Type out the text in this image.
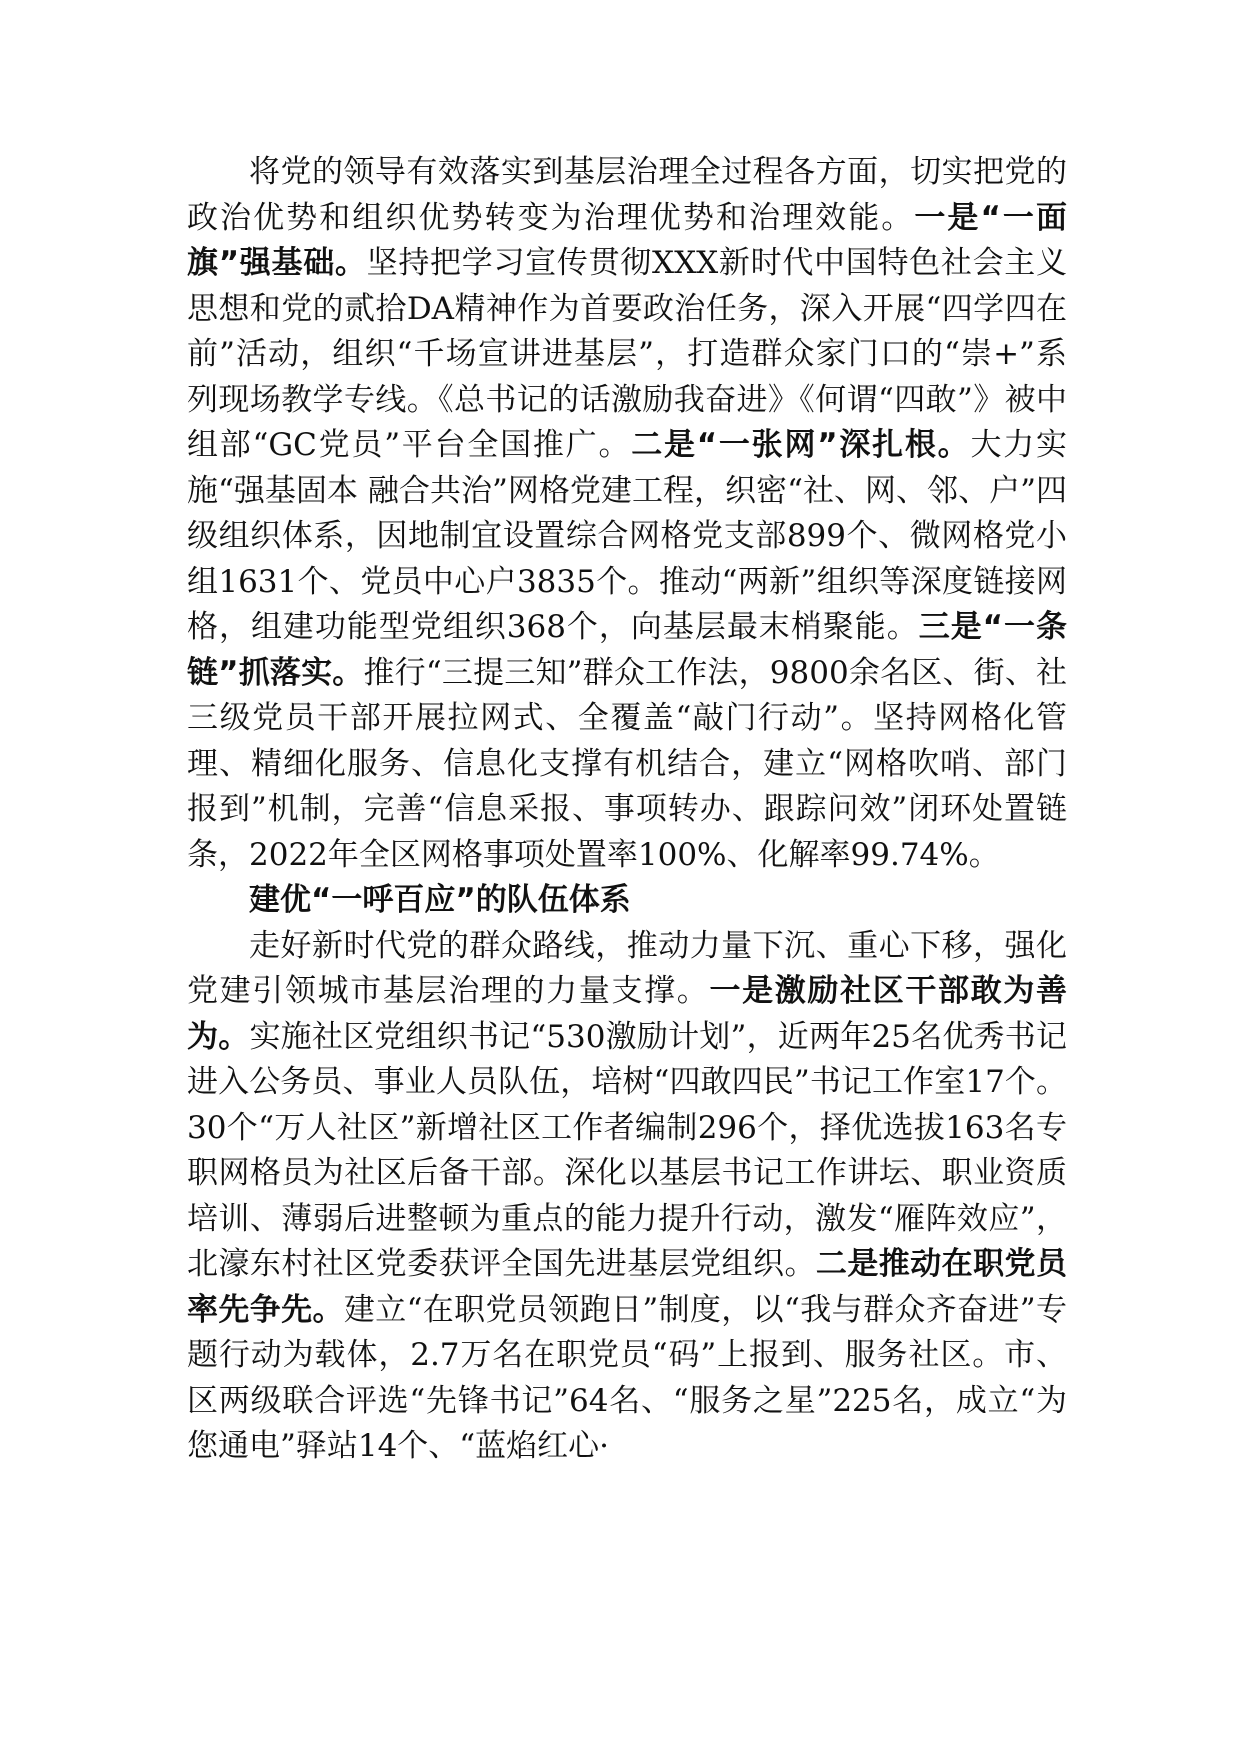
将党的领导有效落实到基层治理全过程各方面，切实把党的政治优势和组织优势转变为治理优势和治理效能。一是“一面旗”强基础。坚持把学习宣传贯彻XXX新时代中国特色社会主义思想和党的贰拾DA精神作为首要政治任务，深入开展“四学四在前”活动，组织“千场宣讲进基层”，打造群众家门口的“崇+”系列现场教学专线。《总书记的话激励我奋进》《何谓“四敢”》被中组部“GC党员”平台全国推广。二是“一张网”深扎根。大力实施“强基固本 融合共治”网格党建工程，织密“社、网、邻、户”四级组织体系，因地制宜设置综合网格党支部899个、微网格党小组1631个、党员中心户3835个。推动“两新”组织等深度链接网格，组建功能型党组织368个，向基层最末梢聚能。三是“一条链”抓落实。推行“三提三知”群众工作法，9800余名区、街、社三级党员干部开展拉网式、全覆盖“敲门行动”。坚持网格化管理、精细化服务、信息化支撑有机结合，建立“网格吹哨、部门报到”机制，完善“信息采报、事项转办、跟踪问效”闭环处置链条，2022年全区网格事项处置率100%、化解率99.74%。

建优“一呼百应”的队伍体系

走好新时代党的群众路线，推动力量下沉、重心下移，强化党建引领城市基层治理的力量支撑。一是激励社区干部敢为善为。实施社区党组织书记“530激励计划”，近两年25名优秀书记进入公务员、事业人员队伍，培树“四敢四民”书记工作室17个。30个“万人社区”新增社区工作者编制296个，择优选拔163名专职网格员为社区后备干部。深化以基层书记工作讲坛、职业资质培训、薄弱后进整顿为重点的能力提升行动，激发“雁阵效应”，北濠东村社区党委获评全国先进基层党组织。二是推动在职党员率先争先。建立“在职党员领跑日”制度，以“我与群众齐奋进”专题行动为载体，2.7万名在职党员“码”上报到、服务社区。市、区两级联合评选“先锋书记”64名、“服务之星”225名，成立“为您通电”驿站14个、“蓝焰红心·
